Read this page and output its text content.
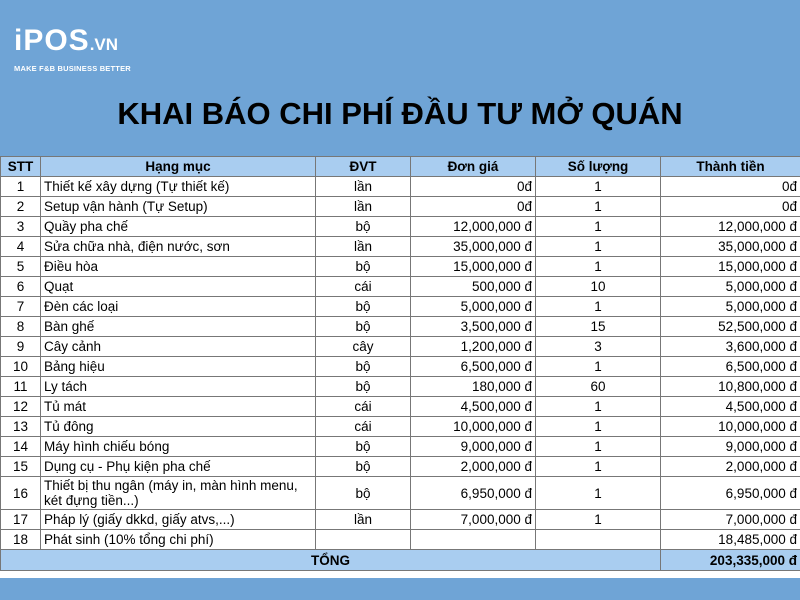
iPOS.VN
MAKE F&B BUSINESS BETTER
KHAI BÁO CHI PHÍ ĐẦU TƯ MỞ QUÁN
STT	Hạng mục	ĐVT	Đơn giá	Số lượng	Thành tiền
1	Thiết kế xây dựng (Tự thiết kế)	lần	0đ	1	0đ
2	Setup vận hành (Tự Setup)	lần	0đ	1	0đ
3	Quầy pha chế	bộ	12,000,000 đ	1	12,000,000 đ
4	Sửa chữa nhà, điện nước, sơn	lần	35,000,000 đ	1	35,000,000 đ
5	Điều hòa	bộ	15,000,000 đ	1	15,000,000 đ
6	Quạt	cái	500,000 đ	10	5,000,000 đ
7	Đèn các loại	bộ	5,000,000 đ	1	5,000,000 đ
8	Bàn ghế	bộ	3,500,000 đ	15	52,500,000 đ
9	Cây cảnh	cây	1,200,000 đ	3	3,600,000 đ
10	Bảng hiệu	bộ	6,500,000 đ	1	6,500,000 đ
11	Ly tách	bộ	180,000 đ	60	10,800,000 đ
12	Tủ mát	cái	4,500,000 đ	1	4,500,000 đ
13	Tủ đông	cái	10,000,000 đ	1	10,000,000 đ
14	Máy hình chiếu bóng	bộ	9,000,000 đ	1	9,000,000 đ
15	Dụng cụ - Phụ kiện pha chế	bộ	2,000,000 đ	1	2,000,000 đ
16	Thiết bị thu ngân (máy in, màn hình menu, két đựng tiền...)	bộ	6,950,000 đ	1	6,950,000 đ
17	Pháp lý (giấy dkkd, giấy atvs,...)	lần	7,000,000 đ	1	7,000,000 đ
18	Phát sinh (10% tổng chi phí)				18,485,000 đ
TỔNG					203,335,000 đ
